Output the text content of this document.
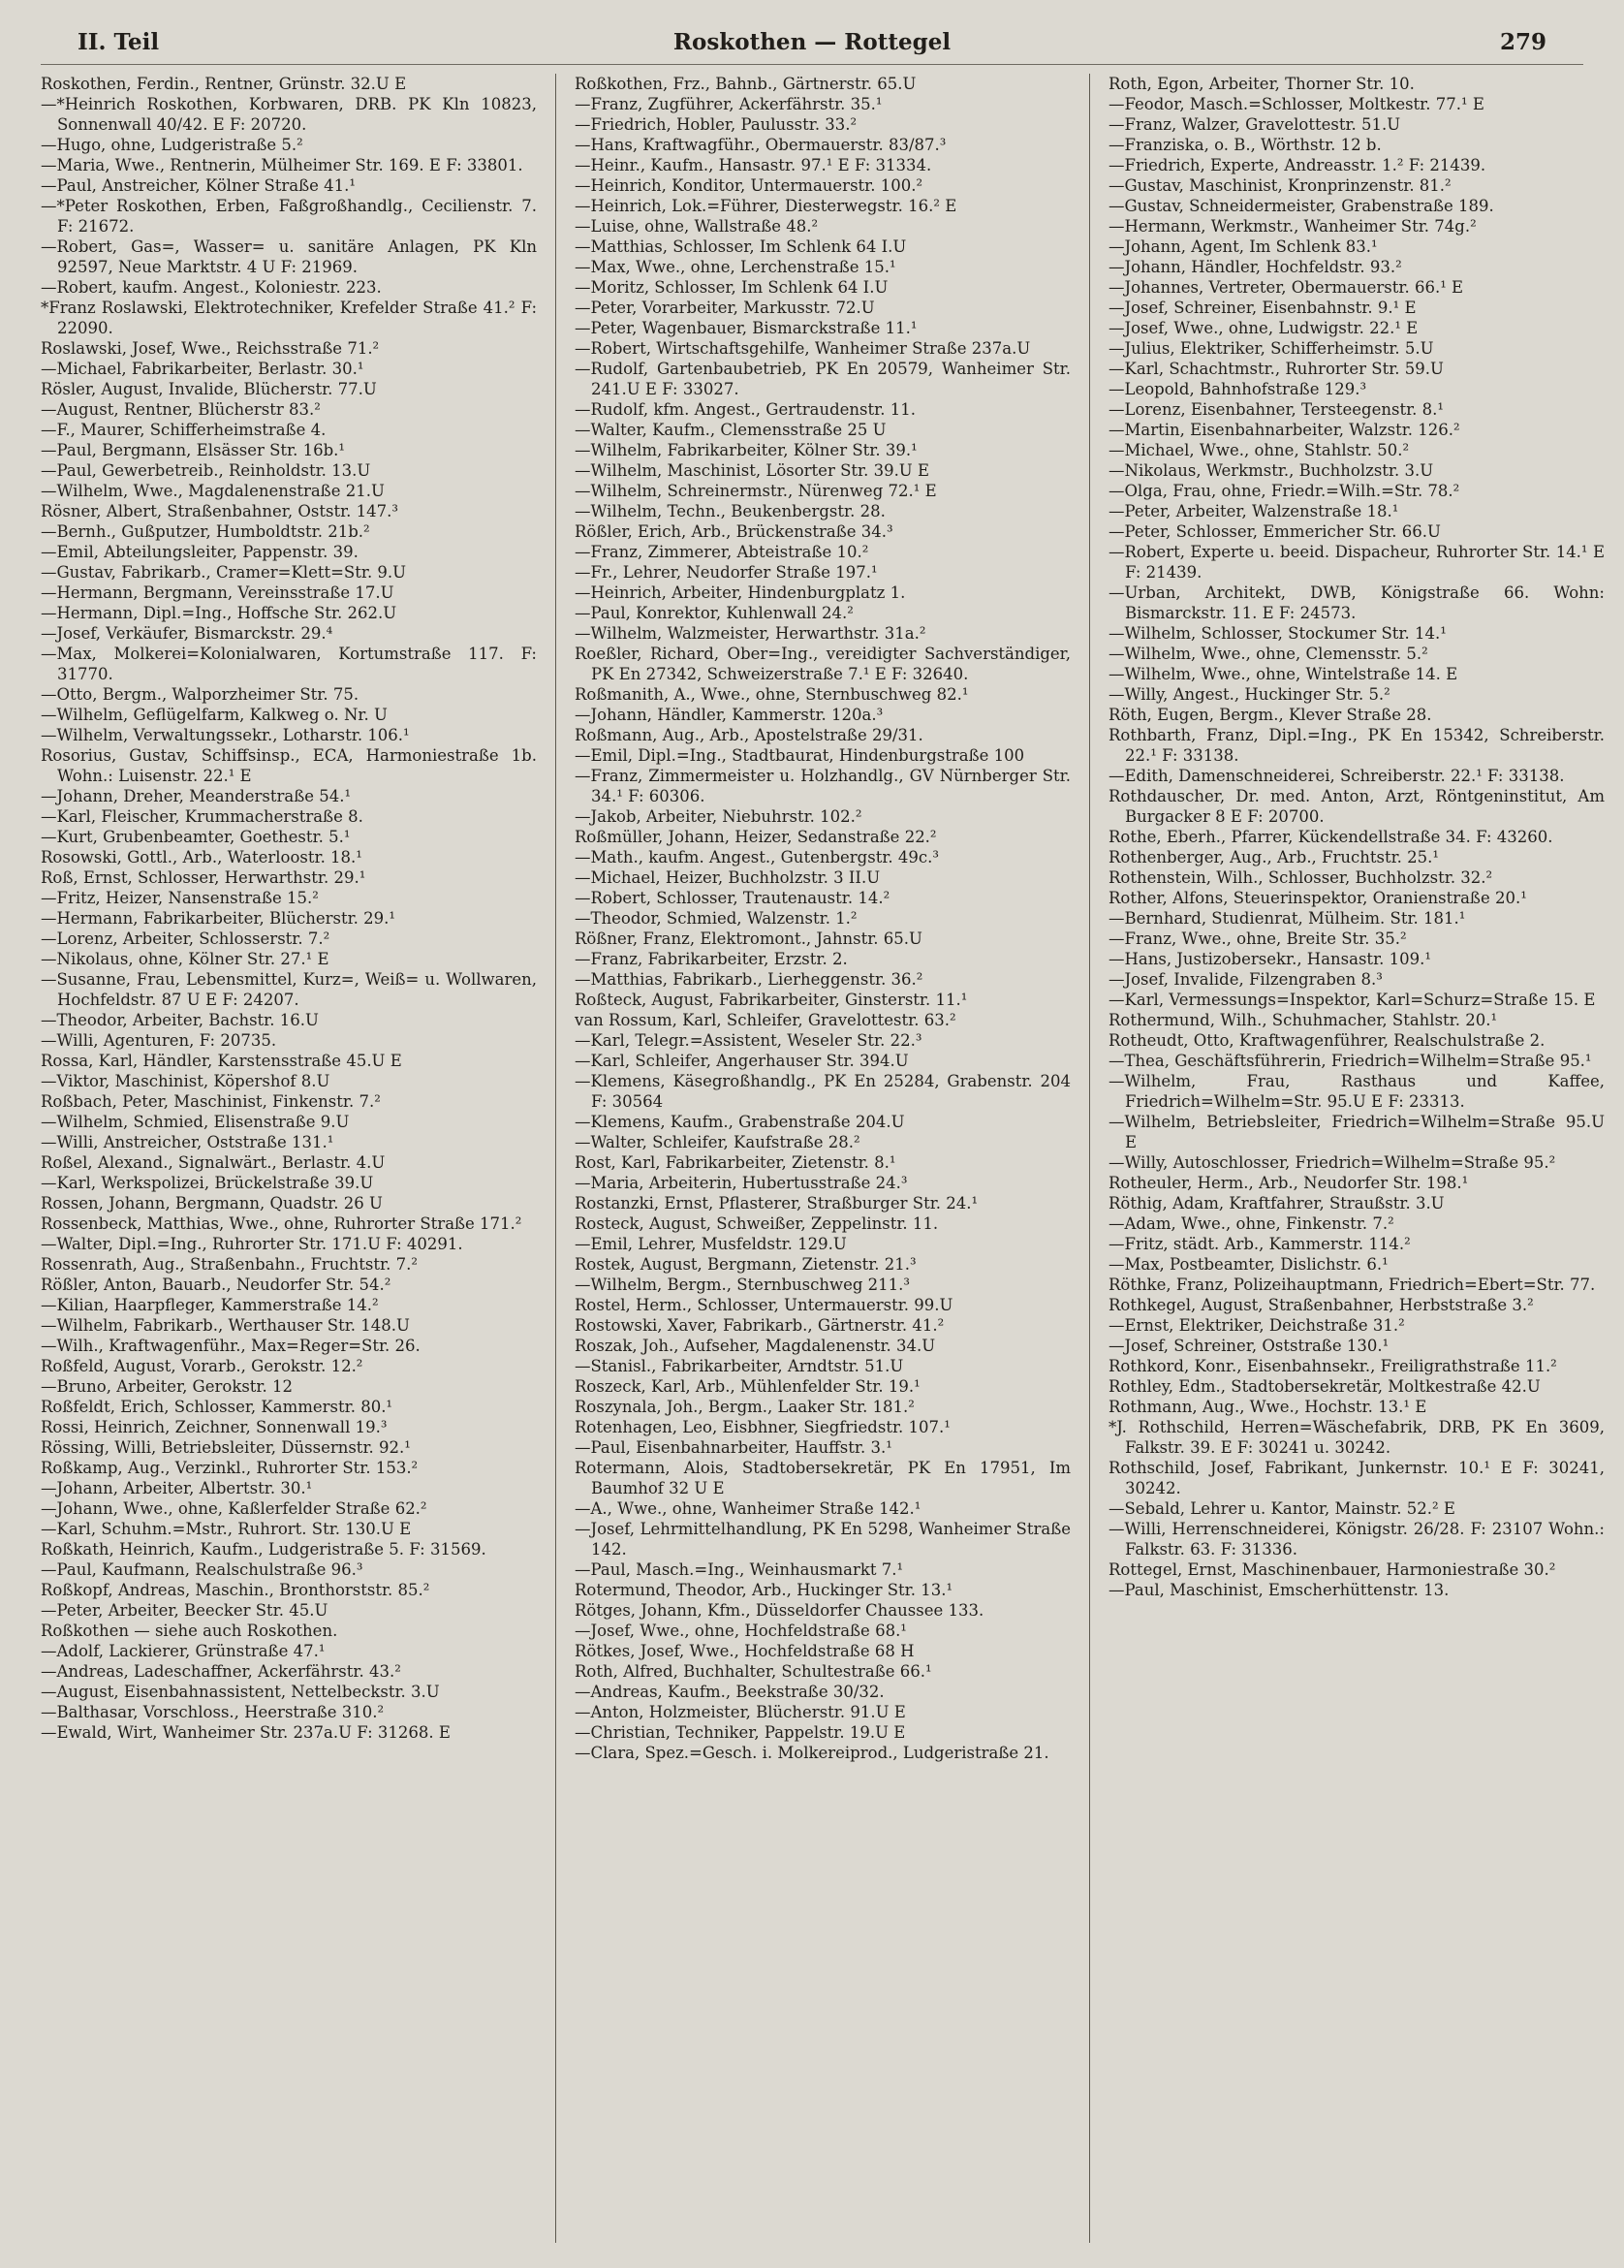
Roskothen — Rottegel
II. Teil	279

Roskothen, Ferdin., Rentner, Grünstr. 32.U E

—*Heinrich Roskothen, Korbwaren, DRB. PK Kln 10823, Sonnenwall 40/42. E F: 20720.

—Hugo, ohne, Ludgeristraße 5.²

—Maria, Wwe., Rentnerin, Mülheimer Str. 169. E F: 33801.

—Paul, Anstreicher, Kölner Straße 41.¹

—*Peter Roskothen, Erben, Faßgroßhandlg., Cecilienstr. 7. F: 21672.

—Robert, Gas=, Wasser= u. sanitäre Anlagen, PK Kln 92597, Neue Marktstr. 4 U F: 21969.

—Robert, kaufm. Angest., Koloniestr. 223.

*Franz Roslawski, Elektrotechniker, Krefelder Straße 41.² F: 22090.

Roslawski, Josef, Wwe., Reichsstraße 71.²

—Michael, Fabrikarbeiter, Berlastr. 30.¹

Rösler, August, Invalide, Blücherstr. 77.U

—August, Rentner, Blücherstr 83.²

—F., Maurer, Schifferheimstraße 4.

—Paul, Bergmann, Elsässer Str. 16b.¹

—Paul, Gewerbetreib., Reinholdstr. 13.U

—Wilhelm, Wwe., Magdalenenstraße 21.U

Rösner, Albert, Straßenbahner, Oststr. 147.³

—Bernh., Gußputzer, Humboldtstr. 21b.²

—Emil, Abteilungsleiter, Pappenstr. 39.

—Gustav, Fabrikarb., Cramer=Klett=Str. 9.U

—Hermann, Bergmann, Vereinsstraße 17.U

—Hermann, Dipl.=Ing., Hoffsche Str. 262.U

—Josef, Verkäufer, Bismarckstr. 29.⁴

—Max, Molkerei=Kolonialwaren, Kortumstraße 117. F: 31770.

—Otto, Bergm., Walporzheimer Str. 75.

—Wilhelm, Geflügelfarm, Kalkweg o. Nr. U

—Wilhelm, Verwaltungssekr., Lotharstr. 106.¹

Rosorius, Gustav, Schiffsinsp., ECA, Harmoniestraße 1b. Wohn.: Luisenstr. 22.¹ E

—Johann, Dreher, Meanderstraße 54.¹

—Karl, Fleischer, Krummacherstraße 8.

—Kurt, Grubenbeamter, Goethestr. 5.¹

Rosowski, Gottl., Arb., Waterloostr. 18.¹

Roß, Ernst, Schlosser, Herwarthstr. 29.¹

—Fritz, Heizer, Nansenstraße 15.²

—Hermann, Fabrikarbeiter, Blücherstr. 29.¹

—Lorenz, Arbeiter, Schlosserstr. 7.²

—Nikolaus, ohne, Kölner Str. 27.¹ E

—Susanne, Frau, Lebensmittel, Kurz=, Weiß= u. Wollwaren, Hochfeldstr. 87 U E F: 24207.

—Theodor, Arbeiter, Bachstr. 16.U

—Willi, Agenturen, F: 20735.

Rossa, Karl, Händler, Karstensstraße 45.U E

—Viktor, Maschinist, Köpershof 8.U

Roßbach, Peter, Maschinist, Finkenstr. 7.²

—Wilhelm, Schmied, Elisenstraße 9.U

—Willi, Anstreicher, Oststraße 131.¹

Roßel, Alexand., Signalwärt., Berlastr. 4.U

—Karl, Werkspolizei, Brückelstraße 39.U

Rossen, Johann, Bergmann, Quadstr. 26 U

Rossenbeck, Matthias, Wwe., ohne, Ruhrorter Straße 171.²

—Walter, Dipl.=Ing., Ruhrorter Str. 171.U F: 40291.

Rossenrath, Aug., Straßenbahn., Fruchtstr. 7.²

Rößler, Anton, Bauarb., Neudorfer Str. 54.²

—Kilian, Haarpfleger, Kammerstraße 14.²

—Wilhelm, Fabrikarb., Werthauser Str. 148.U

—Wilh., Kraftwagenführ., Max=Reger=Str. 26.

Roßfeld, August, Vorarb., Gerokstr. 12.²

—Bruno, Arbeiter, Gerokstr. 12

Roßfeldt, Erich, Schlosser, Kammerstr. 80.¹

Rossi, Heinrich, Zeichner, Sonnenwall 19.³

Rössing, Willi, Betriebsleiter, Düssernstr. 92.¹

Roßkamp, Aug., Verzinkl., Ruhrorter Str. 153.²

—Johann, Arbeiter, Albertstr. 30.¹

—Johann, Wwe., ohne, Kaßlerfelder Straße 62.²

—Karl, Schuhm.=Mstr., Ruhrort. Str. 130.U E

Roßkath, Heinrich, Kaufm., Ludgeristraße 5. F: 31569.

—Paul, Kaufmann, Realschulstraße 96.³

Roßkopf, Andreas, Maschin., Bronthorststr. 85.²

—Peter, Arbeiter, Beecker Str. 45.U

Roßkothen — siehe auch Roskothen.

—Adolf, Lackierer, Grünstraße 47.¹

—Andreas, Ladeschaffner, Ackerfährstr. 43.²

—August, Eisenbahnassistent, Nettelbeckstr. 3.U

—Balthasar, Vorschloss., Heerstraße 310.²

—Ewald, Wirt, Wanheimer Str. 237a.U F: 31268. E

Roßkothen, Frz., Bahnb., Gärtnerstr. 65.U

—Franz, Zugführer, Ackerfährstr. 35.¹

—Friedrich, Hobler, Paulusstr. 33.²

—Hans, Kraftwagführ., Obermauerstr. 83/87.³

—Heinr., Kaufm., Hansastr. 97.¹ E F: 31334.

—Heinrich, Konditor, Untermauerstr. 100.²

—Heinrich, Lok.=Führer, Diesterwegstr. 16.² E

—Luise, ohne, Wallstraße 48.²

—Matthias, Schlosser, Im Schlenk 64 I.U

—Max, Wwe., ohne, Lerchenstraße 15.¹

—Moritz, Schlosser, Im Schlenk 64 I.U

—Peter, Vorarbeiter, Markusstr. 72.U

—Peter, Wagenbauer, Bismarckstraße 11.¹

—Robert, Wirtschaftsgehilfe, Wanheimer Straße 237a.U

—Rudolf, Gartenbaubetrieb, PK En 20579, Wanheimer Str. 241.U E F: 33027.

—Rudolf, kfm. Angest., Gertraudenstr. 11.

—Walter, Kaufm., Clemensstraße 25 U

—Wilhelm, Fabrikarbeiter, Kölner Str. 39.¹

—Wilhelm, Maschinist, Lösorter Str. 39.U E

—Wilhelm, Schreinermstr., Nürenweg 72.¹ E

—Wilhelm, Techn., Beukenbergstr. 28.

Rößler, Erich, Arb., Brückenstraße 34.³

—Franz, Zimmerer, Abteistraße 10.²

—Fr., Lehrer, Neudorfer Straße 197.¹

—Heinrich, Arbeiter, Hindenburgplatz 1.

—Paul, Konrektor, Kuhlenwall 24.²

—Wilhelm, Walzmeister, Herwarthstr. 31a.²

Roeßler, Richard, Ober=Ing., vereidigter Sachverständiger, PK En 27342, Schweizerstraße 7.¹ E F: 32640.

Roßmanith, A., Wwe., ohne, Sternbuschweg 82.¹

—Johann, Händler, Kammerstr. 120a.³

Roßmann, Aug., Arb., Apostelstraße 29/31.

—Emil, Dipl.=Ing., Stadtbaurat, Hindenburgstraße 100

—Franz, Zimmermeister u. Holzhandlg., GV Nürnberger Str. 34.¹ F: 60306.

—Jakob, Arbeiter, Niebuhrstr. 102.²

Roßmüller, Johann, Heizer, Sedanstraße 22.²

—Math., kaufm. Angest., Gutenbergstr. 49c.³

—Michael, Heizer, Buchholzstr. 3 II.U

—Robert, Schlosser, Trautenaustr. 14.²

—Theodor, Schmied, Walzenstr. 1.²

Rößner, Franz, Elektromont., Jahnstr. 65.U

—Franz, Fabrikarbeiter, Erzstr. 2.

—Matthias, Fabrikarb., Lierheggenstr. 36.²

Roßteck, August, Fabrikarbeiter, Ginsterstr. 11.¹

van Rossum, Karl, Schleifer, Gravelottestr. 63.²

—Karl, Telegr.=Assistent, Weseler Str. 22.³

—Karl, Schleifer, Angerhauser Str. 394.U

—Klemens, Käsegroßhandlg., PK En 25284, Grabenstr. 204 F: 30564

—Klemens, Kaufm., Grabenstraße 204.U

—Walter, Schleifer, Kaufstraße 28.²

Rost, Karl, Fabrikarbeiter, Zietenstr. 8.¹

—Maria, Arbeiterin, Hubertusstraße 24.³

Rostanzki, Ernst, Pflasterer, Straßburger Str. 24.¹

Rosteck, August, Schweißer, Zeppelinstr. 11.

—Emil, Lehrer, Musfeldstr. 129.U

Rostek, August, Bergmann, Zietenstr. 21.³

—Wilhelm, Bergm., Sternbuschweg 211.³

Rostel, Herm., Schlosser, Untermauerstr. 99.U

Rostowski, Xaver, Fabrikarb., Gärtnerstr. 41.²

Roszak, Joh., Aufseher, Magdalenenstr. 34.U

—Stanisl., Fabrikarbeiter, Arndtstr. 51.U

Roszeck, Karl, Arb., Mühlenfelder Str. 19.¹

Roszynala, Joh., Bergm., Laaker Str. 181.²

Rotenhagen, Leo, Eisbhner, Siegfriedstr. 107.¹

—Paul, Eisenbahnarbeiter, Hauffstr. 3.¹

Rotermann, Alois, Stadtobersekretär, PK En 17951, Im Baumhof 32 U E

—A., Wwe., ohne, Wanheimer Straße 142.¹

—Josef, Lehrmittelhandlung, PK En 5298, Wanheimer Straße 142.

—Paul, Masch.=Ing., Weinhausmarkt 7.¹

Rotermund, Theodor, Arb., Huckinger Str. 13.¹

Rötges, Johann, Kfm., Düsseldorfer Chaussee 133.

—Josef, Wwe., ohne, Hochfeldstraße 68.¹

Rötkes, Josef, Wwe., Hochfeldstraße 68 H

Roth, Alfred, Buchhalter, Schultestraße 66.¹

—Andreas, Kaufm., Beekstraße 30/32.

—Anton, Holzmeister, Blücherstr. 91.U E

—Christian, Techniker, Pappelstr. 19.U E

—Clara, Spez.=Gesch. i. Molkereiprod., Ludgeristraße 21.

Roth, Egon, Arbeiter, Thorner Str. 10.

—Feodor, Masch.=Schlosser, Moltkestr. 77.¹ E

—Franz, Walzer, Gravelottestr. 51.U

—Franziska, o. B., Wörthstr. 12 b.

—Friedrich, Experte, Andreasstr. 1.² F: 21439.

—Gustav, Maschinist, Kronprinzenstr. 81.²

—Gustav, Schneidermeister, Grabenstraße 189.

—Hermann, Werkmstr., Wanheimer Str. 74g.²

—Johann, Agent, Im Schlenk 83.¹

—Johann, Händler, Hochfeldstr. 93.²

—Johannes, Vertreter, Obermauerstr. 66.¹ E

—Josef, Schreiner, Eisenbahnstr. 9.¹ E

—Josef, Wwe., ohne, Ludwigstr. 22.¹ E

—Julius, Elektriker, Schifferheimstr. 5.U

—Karl, Schachtmstr., Ruhrorter Str. 59.U

—Leopold, Bahnhofstraße 129.³

—Lorenz, Eisenbahner, Tersteegenstr. 8.¹

—Martin, Eisenbahnarbeiter, Walzstr. 126.²

—Michael, Wwe., ohne, Stahlstr. 50.²

—Nikolaus, Werkmstr., Buchholzstr. 3.U

—Olga, Frau, ohne, Friedr.=Wilh.=Str. 78.²

—Peter, Arbeiter, Walzenstraße 18.¹

—Peter, Schlosser, Emmericher Str. 66.U

—Robert, Experte u. beeid. Dispacheur, Ruhrorter Str. 14.¹ E F: 21439.

—Urban, Architekt, DWB, Königstraße 66. Wohn: Bismarckstr. 11. E F: 24573.

—Wilhelm, Schlosser, Stockumer Str. 14.¹

—Wilhelm, Wwe., ohne, Clemensstr. 5.²

—Wilhelm, Wwe., ohne, Wintelstraße 14. E

—Willy, Angest., Huckinger Str. 5.²

Röth, Eugen, Bergm., Klever Straße 28.

Rothbarth, Franz, Dipl.=Ing., PK En 15342, Schreiberstr. 22.¹ F: 33138.

—Edith, Damenschneiderei, Schreiberstr. 22.¹ F: 33138.

Rothdauscher, Dr. med. Anton, Arzt, Röntgeninstitut, Am Burgacker 8 E F: 20700.

Rothe, Eberh., Pfarrer, Kückendellstraße 34. F: 43260.

Rothenberger, Aug., Arb., Fruchtstr. 25.¹

Rothenstein, Wilh., Schlosser, Buchholzstr. 32.²

Rother, Alfons, Steuerinspektor, Oranienstraße 20.¹

—Bernhard, Studienrat, Mülheim. Str. 181.¹

—Franz, Wwe., ohne, Breite Str. 35.²

—Hans, Justizobersekr., Hansastr. 109.¹

—Josef, Invalide, Filzengraben 8.³

—Karl, Vermessungs=Inspektor, Karl=Schurz=Straße 15. E

Rothermund, Wilh., Schuhmacher, Stahlstr. 20.¹

Rotheudt, Otto, Kraftwagenführer, Realschulstraße 2.

—Thea, Geschäftsführerin, Friedrich=Wilhelm=Straße 95.¹

—Wilhelm, Frau, Rasthaus und Kaffee, Friedrich=Wilhelm=Str. 95.U E F: 23313.

—Wilhelm, Betriebsleiter, Friedrich=Wilhelm=Straße 95.U E

—Willy, Autoschlosser, Friedrich=Wilhelm=Straße 95.²

Rotheuler, Herm., Arb., Neudorfer Str. 198.¹

Röthig, Adam, Kraftfahrer, Straußstr. 3.U

—Adam, Wwe., ohne, Finkenstr. 7.²

—Fritz, städt. Arb., Kammerstr. 114.²

—Max, Postbeamter, Dislichstr. 6.¹

Röthke, Franz, Polizeihauptmann, Friedrich=Ebert=Str. 77.

Rothkegel, August, Straßenbahner, Herbststraße 3.²

—Ernst, Elektriker, Deichstraße 31.²

—Josef, Schreiner, Oststraße 130.¹

Rothkord, Konr., Eisenbahnsekr., Freiligrathstraße 11.²

Rothley, Edm., Stadtobersekretär, Moltkestraße 42.U

Rothmann, Aug., Wwe., Hochstr. 13.¹ E

*J. Rothschild, Herren=Wäschefabrik, DRB, PK En 3609, Falkstr. 39. E F: 30241 u. 30242.

Rothschild, Josef, Fabrikant, Junkernstr. 10.¹ E F: 30241, 30242.

—Sebald, Lehrer u. Kantor, Mainstr. 52.² E

—Willi, Herrenschneiderei, Königstr. 26/28. F: 23107 Wohn.: Falkstr. 63. F: 31336.

Rottegel, Ernst, Maschinenbauer, Harmoniestraße 30.²

—Paul, Maschinist, Emscherhüttenstr. 13.
